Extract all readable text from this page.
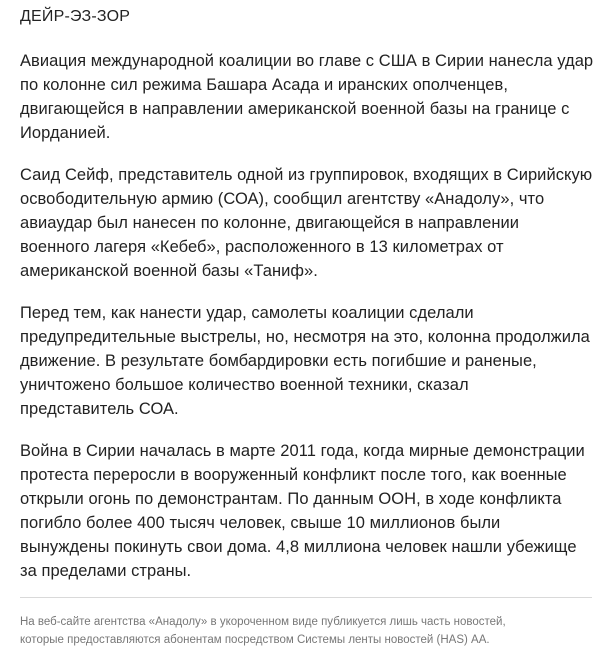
ДЕЙР-ЭЗ-ЗОР

Авиация международной коалиции во главе с США в Сирии нанесла удар
по колонне сил режима Башара Асада и иранских ополченцев,
двигающейся в направлении американской военной базы на границе с
Иорданией.

Саид Сейф, представитель одной из группировок, входящих в Сирийскую
освободительную армию (СОА), сообщил агентству «Анадолу», что
авиаудар был нанесен по колонне, двигающейся в направлении
военного лагеря «Кебеб», расположенного в 13 километрах от
американской военной базы «Таниф».

Перед тем, как нанести удар, самолеты коалиции сделали
предупредительные выстрелы, но, несмотря на это, колонна продолжила
движение. В результате бомбардировки есть погибшие и раненые,
уничтожено большое количество военной техники, сказал
представитель СОА.

Война в Сирии началась в марте 2011 года, когда мирные демонстрации
протеста переросли в вооруженный конфликт после того, как военные
открыли огонь по демонстрантам. По данным ООН, в ходе конфликта
погибло более 400 тысяч человек, свыше 10 миллионов были
вынуждены покинуть свои дома. 4,8 миллиона человек нашли убежище
за пределами страны.

На веб-сайте агентства «Анадолу» в укороченном виде публикуется лишь часть новостей,
которые предоставляются абонентам посредством Системы ленты новостей (HAS) АА.
